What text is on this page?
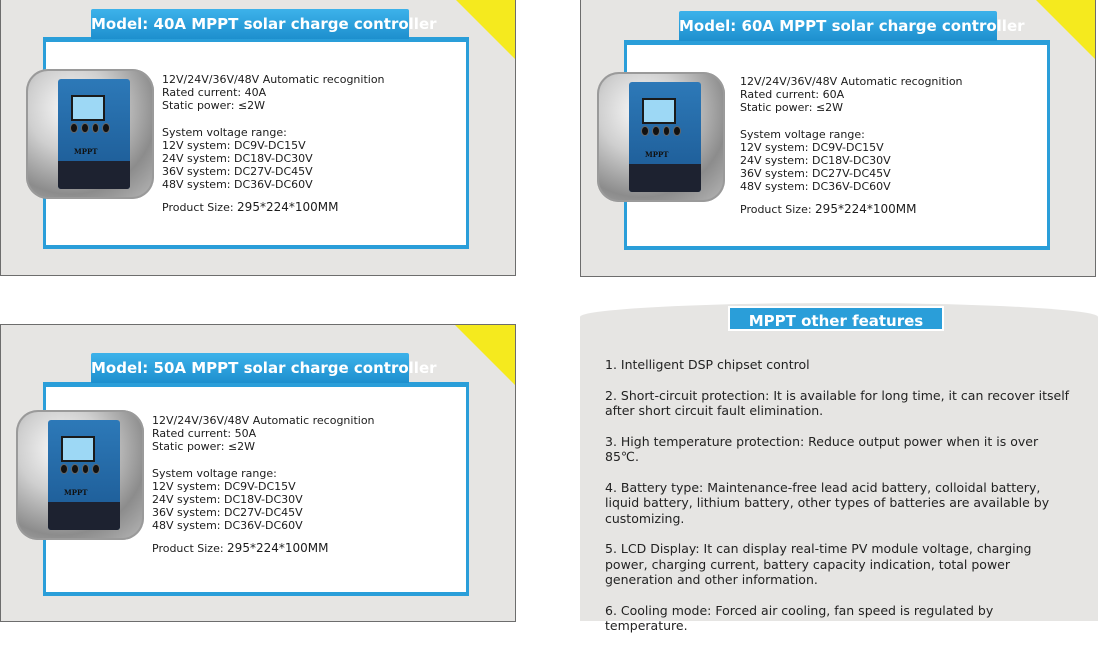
Model: 40A MPPT solar charge controller
MPPT
12V/24V/36V/48V Automatic recognition
Rated current: 40A
Static power: ≤2W
System voltage range:
12V system: DC9V-DC15V
24V system: DC18V-DC30V
36V system: DC27V-DC45V
48V system: DC36V-DC60V
Product Size: 295*224*100MM
Model: 60A MPPT solar charge controller
MPPT
12V/24V/36V/48V Automatic recognition
Rated current: 60A
Static power: ≤2W
System voltage range:
12V system: DC9V-DC15V
24V system: DC18V-DC30V
36V system: DC27V-DC45V
48V system: DC36V-DC60V
Product Size: 295*224*100MM
Model: 50A MPPT solar charge controller
MPPT
12V/24V/36V/48V Automatic recognition
Rated current: 50A
Static power: ≤2W
System voltage range:
12V system: DC9V-DC15V
24V system: DC18V-DC30V
36V system: DC27V-DC45V
48V system: DC36V-DC60V
Product Size: 295*224*100MM
MPPT other features
1. Intelligent DSP chipset control
2. Short-circuit protection: It is available for long time, it can recover itself after short circuit fault elimination.
3. High temperature protection: Reduce output power when it is over 85℃.
4. Battery type: Maintenance-free lead acid battery, colloidal battery, liquid battery, lithium battery, other types of batteries are available by customizing.
5. LCD Display: It can display real-time PV module voltage, charging power, charging current, battery capacity indication, total power generation and other information.
6. Cooling mode: Forced air cooling, fan speed is regulated by temperature.
